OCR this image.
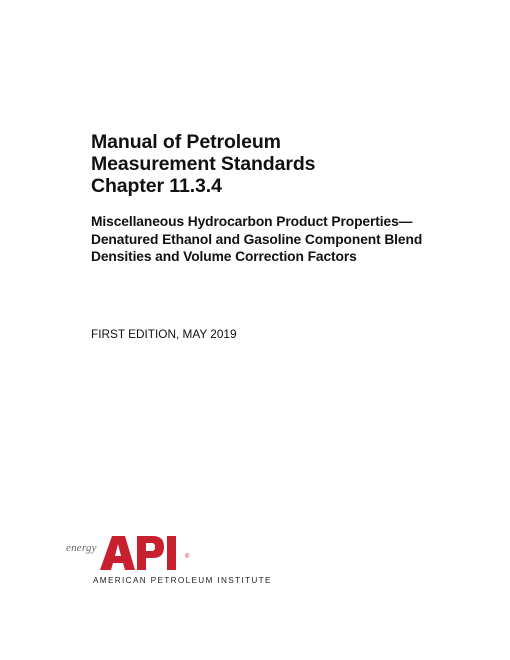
Manual of Petroleum
Measurement Standards
Chapter 11.3.4
Miscellaneous Hydrocarbon Product Properties—
Denatured Ethanol and Gasoline Component Blend
Densities and Volume Correction Factors
FIRST EDITION, MAY 2019
energy
®
AMERICAN PETROLEUM INSTITUTE
